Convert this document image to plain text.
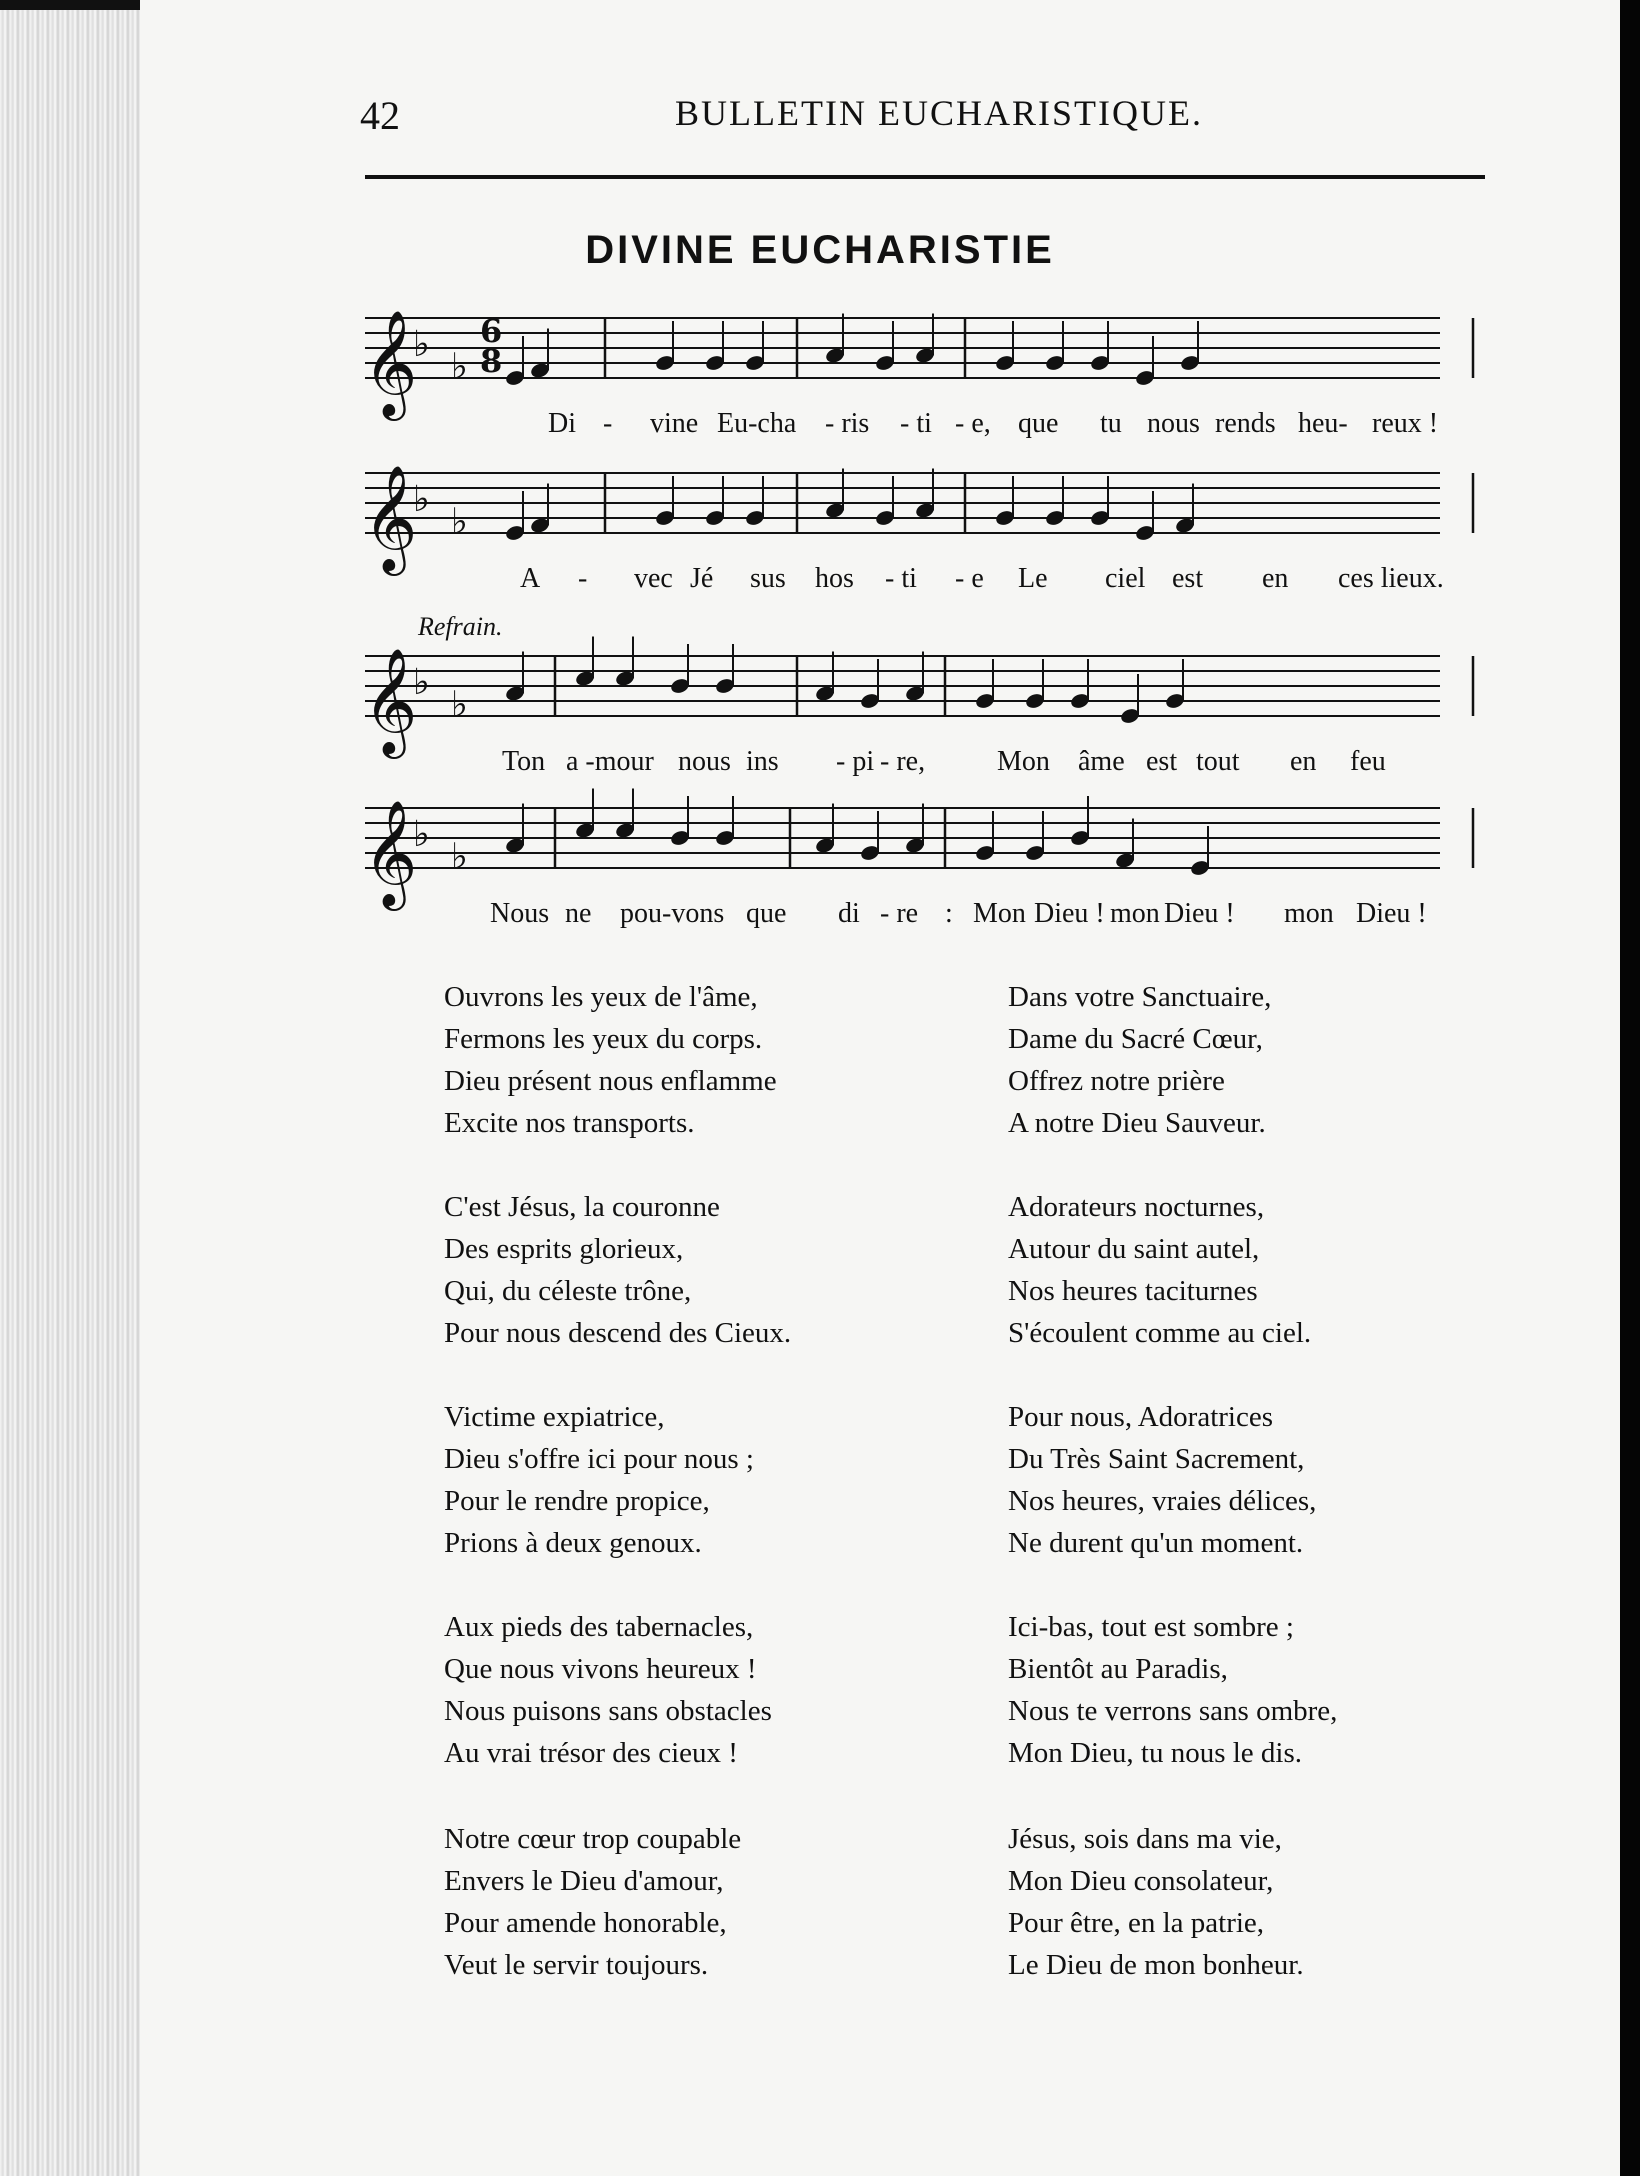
42	BULLETIN EUCHARISTIQUE.
DIVINE EUCHARISTIE
𝄞
♭
♭
6
8
Di - vine Eu-cha - ris - ti - e, que tu nous rends heu- reux !
𝄞
♭
♭
A - vec Jé sus hos - ti - e Le ciel est en ces lieux.
Refrain.
𝄞
♭
♭
Ton a -mour nous ins - pi - re,	Mon âme est tout en feu
𝄞
♭
♭
Nous ne pou-vons que di - re : Mon Dieu ! mon Dieu ! mon Dieu !
Ouvrons les yeux de l'âme,
Fermons les yeux du corps.
Dieu présent nous enflamme
Excite nos transports.
C'est Jésus, la couronne
Des esprits glorieux,
Qui, du céleste trône,
Pour nous descend des Cieux.
Victime expiatrice,
Dieu s'offre ici pour nous ;
Pour le rendre propice,
Prions à deux genoux.
Aux pieds des tabernacles,
Que nous vivons heureux !
Nous puisons sans obstacles
Au vrai trésor des cieux !
Notre cœur trop coupable
Envers le Dieu d'amour,
Pour amende honorable,
Veut le servir toujours.
Dans votre Sanctuaire,
Dame du Sacré Cœur,
Offrez notre prière
A notre Dieu Sauveur.
Adorateurs nocturnes,
Autour du saint autel,
Nos heures taciturnes
S'écoulent comme au ciel.
Pour nous, Adoratrices
Du Très Saint Sacrement,
Nos heures, vraies délices,
Ne durent qu'un moment.
Ici-bas, tout est sombre ;
Bientôt au Paradis,
Nous te verrons sans ombre,
Mon Dieu, tu nous le dis.
Jésus, sois dans ma vie,
Mon Dieu consolateur,
Pour être, en la patrie,
Le Dieu de mon bonheur.
